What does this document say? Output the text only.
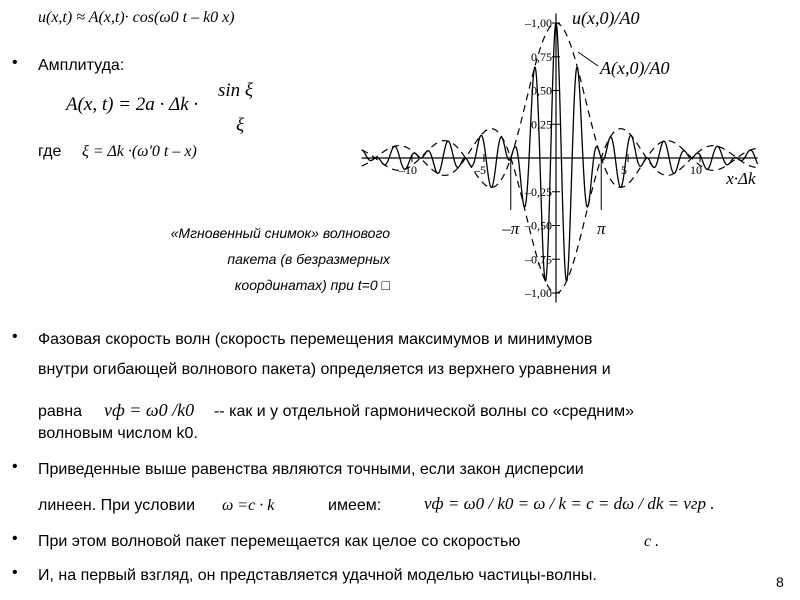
u(x,t) ≈ A(x,t)· cos(ω0 t – k0 x)
• Амплитуда:
A(x, t) = 2a · Δk ·
sin ξ
ξ
где ξ = Δk ·(ω'0 t – x)
«Мгновенный снимок» волнового
пакета (в безразмерных
координатах) при t=0 □
–1,00
0,75
0,50
0,25
–0,25
–0,50
–0,75
–1,00
–10	–5	5	10
–π	π
x·Δk
u(x,0)/A0
A(x,0)/A0
• Фазовая скорость волн (скорость перемещения максимумов и минимумов
внутри огибающей волнового пакета) определяется из верхнего уравнения и
равна vф = ω0 /k0 -- как и у отдельной гармонической волны со «средним»
волновым числом k0.
• Приведенные выше равенства являются точными, если закон дисперсии
линеен. При условии ω =c · k	имеем:	vф = ω0 / k0 = ω / k = c = dω / dk = vгр .
• При этом волновой пакет перемещается как целое со скоростью	c .
• И, на первый взгляд, он представляется удачной моделью частицы-волны.	8
